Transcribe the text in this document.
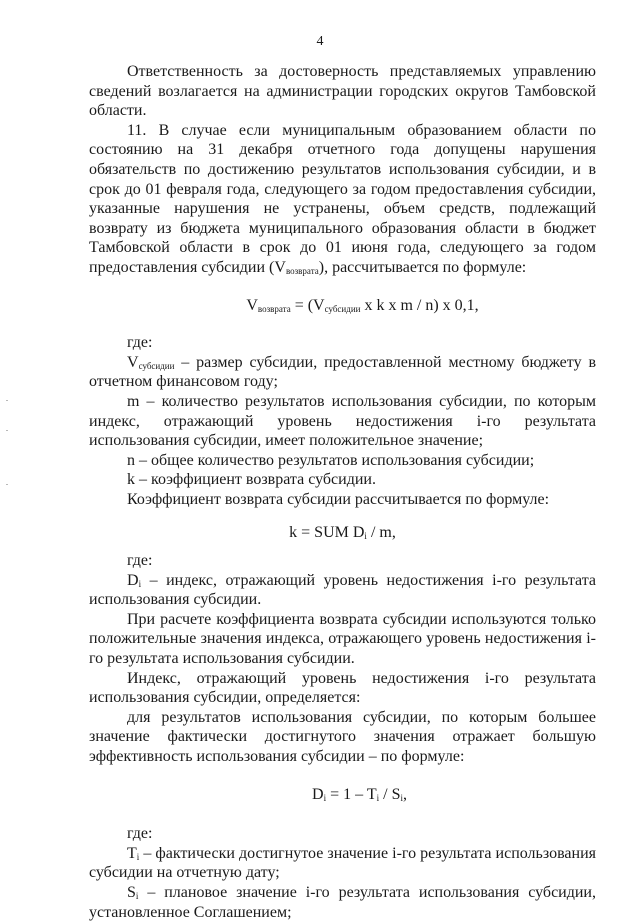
4

Ответственность за достоверность представляемых управлению сведений возлагается на администрации городских округов Тамбовской области.

11. В случае если муниципальным образованием области по состоянию на 31 декабря отчетного года допущены нарушения обязательств по достижению результатов использования субсидии, и в срок до 01 февраля года, следующего за годом предоставления субсидии, указанные нарушения не устранены, объем средств, подлежащий возврату из бюджета муниципального образования области в бюджет Тамбовской области в срок до 01 июня года, следующего за годом предоставления субсидии $(V_{возврата})$, рассчитывается по формуле:

$V_{возврата} = (V_{субсидии}$ x k x m / n) x 0,1,

где:

$V_{субсидии}$ – размер субсидии, предоставленной местному бюджету в отчетном финансовом году;

m – количество результатов использования субсидии, по которым индекс, отражающий уровень недостижения i-го результата использования субсидии, имеет положительное значение;

n – общее количество результатов использования субсидии;

k – коэффициент возврата субсидии.

Коэффициент возврата субсидии рассчитывается по формуле:

k = SUM $D_i$ / m,

где:

$D_i$ – индекс, отражающий уровень недостижения i-го результата использования субсидии.

При расчете коэффициента возврата субсидии используются только положительные значения индекса, отражающего уровень недостижения i-го результата использования субсидии.

Индекс, отражающий уровень недостижения i-го результата использования субсидии, определяется:

для результатов использования субсидии, по которым большее значение фактически достигнутого значения отражает большую эффективность использования субсидии – по формуле:

$D_i = 1 - T_i / S_i$,

где:

$T_i$ – фактически достигнутое значение i-го результата использования субсидии на отчетную дату;

$S_i$ – плановое значение i-го результата использования субсидии, установленное Соглашением;
